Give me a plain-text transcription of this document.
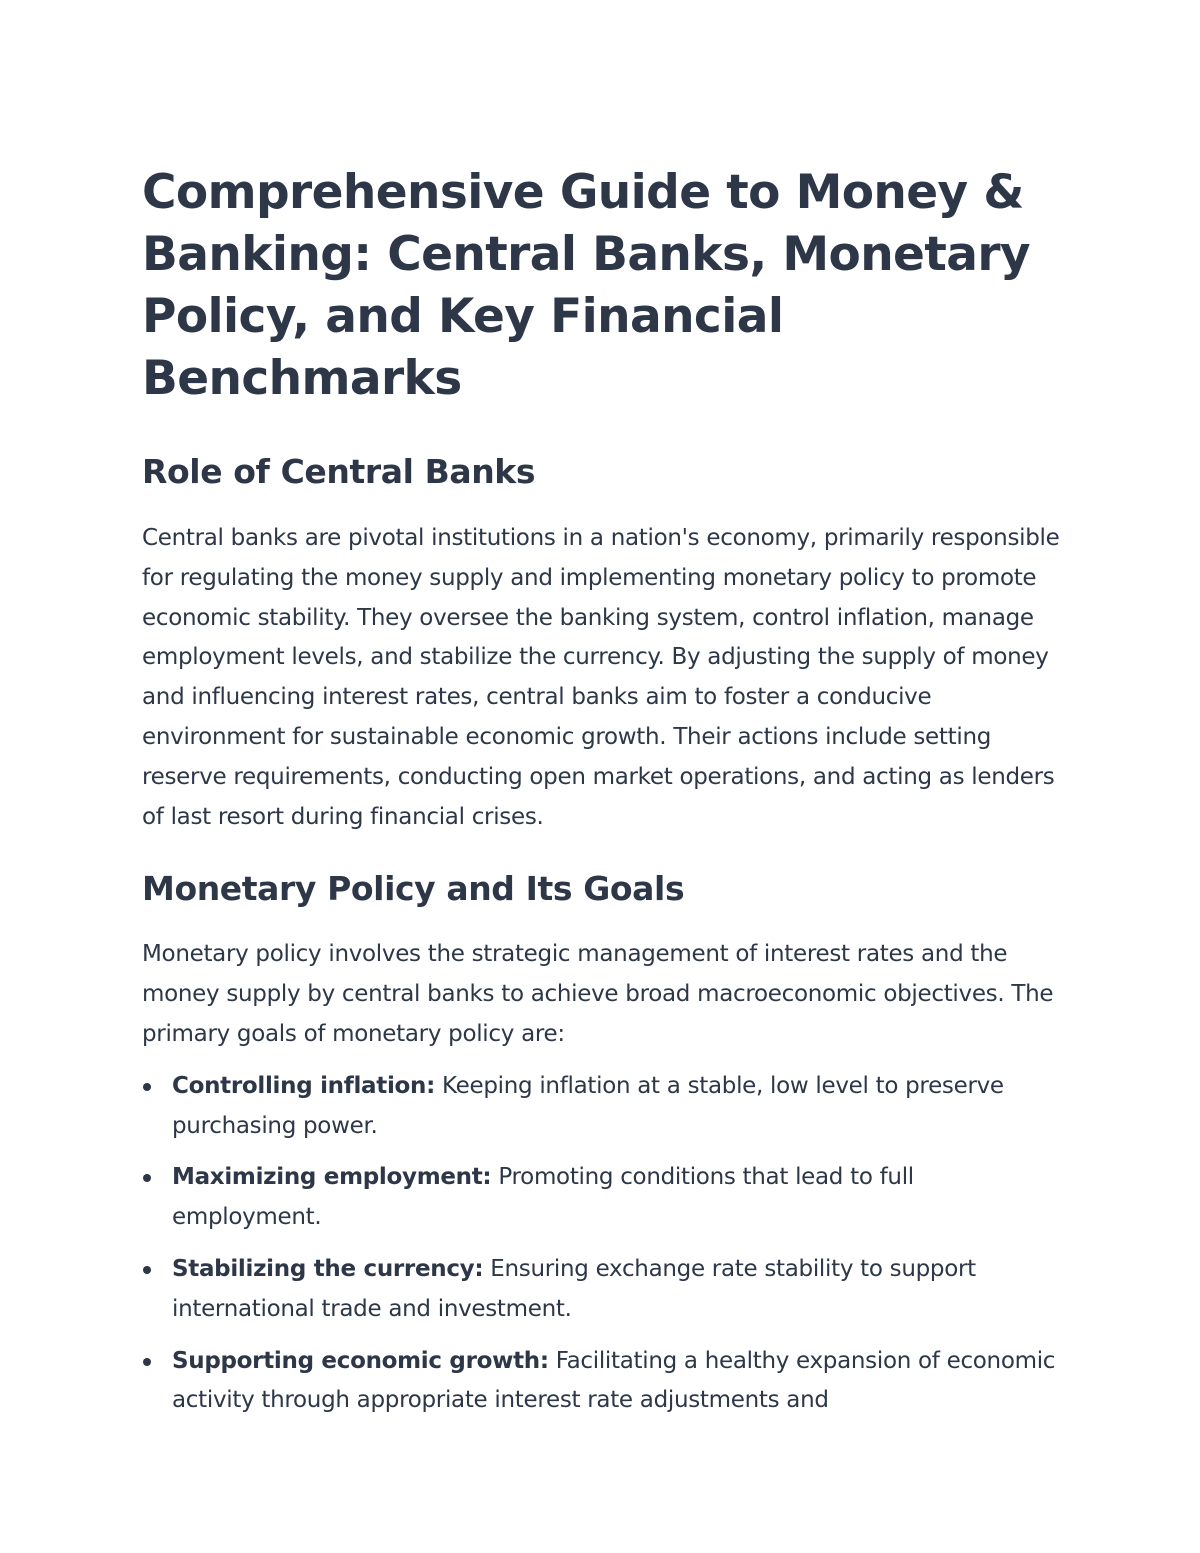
Comprehensive Guide to Money & Banking: Central Banks, Monetary Policy, and Key Financial Benchmarks
Role of Central Banks

Central banks are pivotal institutions in a nation's economy, primarily responsible for regulating the money supply and implementing monetary policy to promote economic stability. They oversee the banking system, control inflation, manage employment levels, and stabilize the currency. By adjusting the supply of money and influencing interest rates, central banks aim to foster a conducive environment for sustainable economic growth. Their actions include setting reserve requirements, conducting open market operations, and acting as lenders of last resort during financial crises.

Monetary Policy and Its Goals

Monetary policy involves the strategic management of interest rates and the money supply by central banks to achieve broad macroeconomic objectives. The primary goals of monetary policy are:

Controlling inflation: Keeping inflation at a stable, low level to preserve purchasing power.
Maximizing employment: Promoting conditions that lead to full employment.
Stabilizing the currency: Ensuring exchange rate stability to support international trade and investment.
Supporting economic growth: Facilitating a healthy expansion of economic activity through appropriate interest rate adjustments and
